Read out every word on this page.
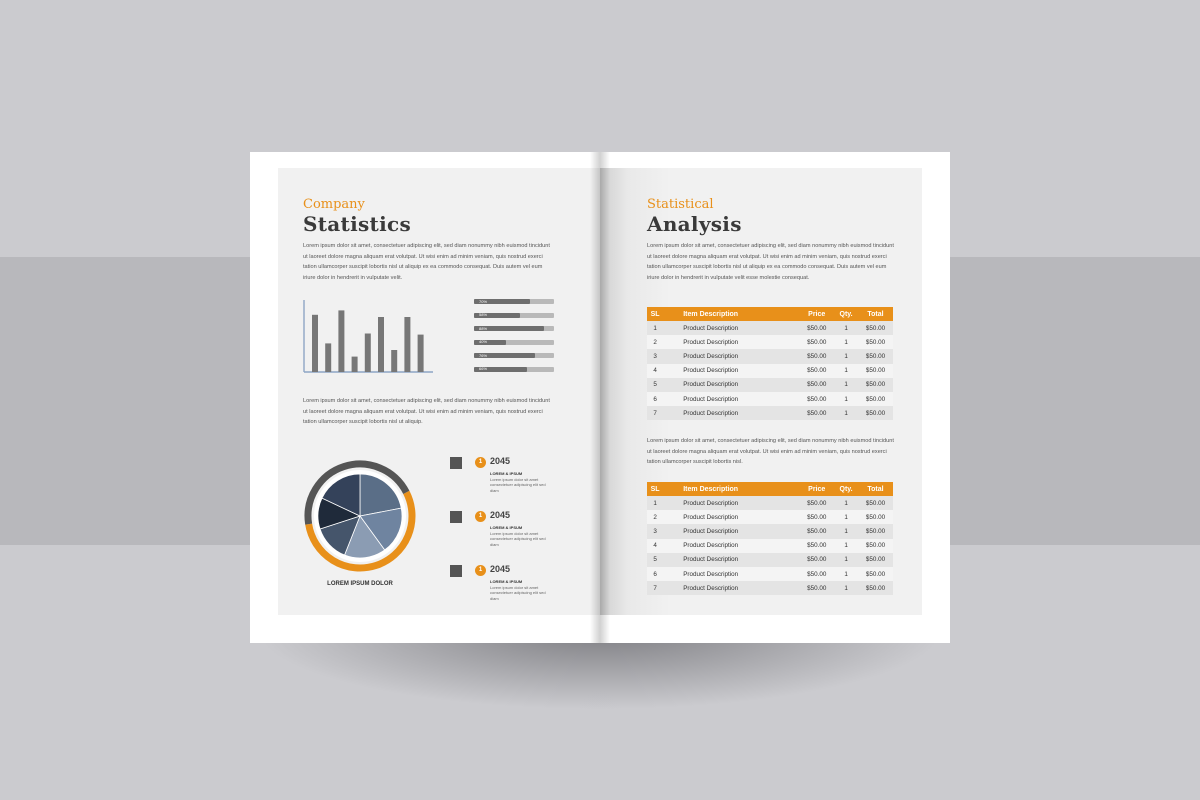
Company
Statistics

Lorem ipsum dolor sit amet, consectetuer adipiscing elit, sed diam nonummy nibh euismod tincidunt ut laoreet dolore magna aliquam erat volutpat. Ut wisi enim ad minim veniam, quis nostrud exerci tation ullamcorper suscipit lobortis nisl ut aliquip ex ea commodo consequat. Duis autem vel eum iriure dolor in hendrerit in vulputate velit.

70%
58%
88%
40%
76%
66%

Lorem ipsum dolor sit amet, consectetuer adipiscing elit, sed diam nonummy nibh euismod tincidunt ut laoreet dolore magna aliquam erat volutpat. Ut wisi enim ad minim veniam, quis nostrud exerci tation ullamcorper suscipit lobortis nisl ut aliquip.

LOREM IPSUM DOLOR
1 2045
LOREM & IPSUM
Lorem ipsum dolor sit amet consectetuer adipiscing elit sed diam
1 2045
LOREM & IPSUM
Lorem ipsum dolor sit amet consectetuer adipiscing elit sed diam
1 2045
LOREM & IPSUM
Lorem ipsum dolor sit amet consectetuer adipiscing elit sed diam
Statistical
Analysis

Lorem ipsum dolor sit amet, consectetuer adipiscing elit, sed diam nonummy nibh euismod tincidunt ut laoreet dolore magna aliquam erat volutpat. Ut wisi enim ad minim veniam, quis nostrud exerci tation ullamcorper suscipit lobortis nisl ut aliquip ex ea commodo consequat. Duis autem vel eum iriure dolor in hendrerit in vulputate velit esse molestie consequat.

SL	Item Description	Price	Qty.	Total
1	Product Description	$50.00	1	$50.00
2	Product Description	$50.00	1	$50.00
3	Product Description	$50.00	1	$50.00
4	Product Description	$50.00	1	$50.00
5	Product Description	$50.00	1	$50.00
6	Product Description	$50.00	1	$50.00
7	Product Description	$50.00	1	$50.00

Lorem ipsum dolor sit amet, consectetuer adipiscing elit, sed diam nonummy nibh euismod tincidunt ut laoreet dolore magna aliquam erat volutpat. Ut wisi enim ad minim veniam, quis nostrud exerci tation ullamcorper suscipit lobortis nisl.

SL	Item Description	Price	Qty.	Total
1	Product Description	$50.00	1	$50.00
2	Product Description	$50.00	1	$50.00
3	Product Description	$50.00	1	$50.00
4	Product Description	$50.00	1	$50.00
5	Product Description	$50.00	1	$50.00
6	Product Description	$50.00	1	$50.00
7	Product Description	$50.00	1	$50.00
